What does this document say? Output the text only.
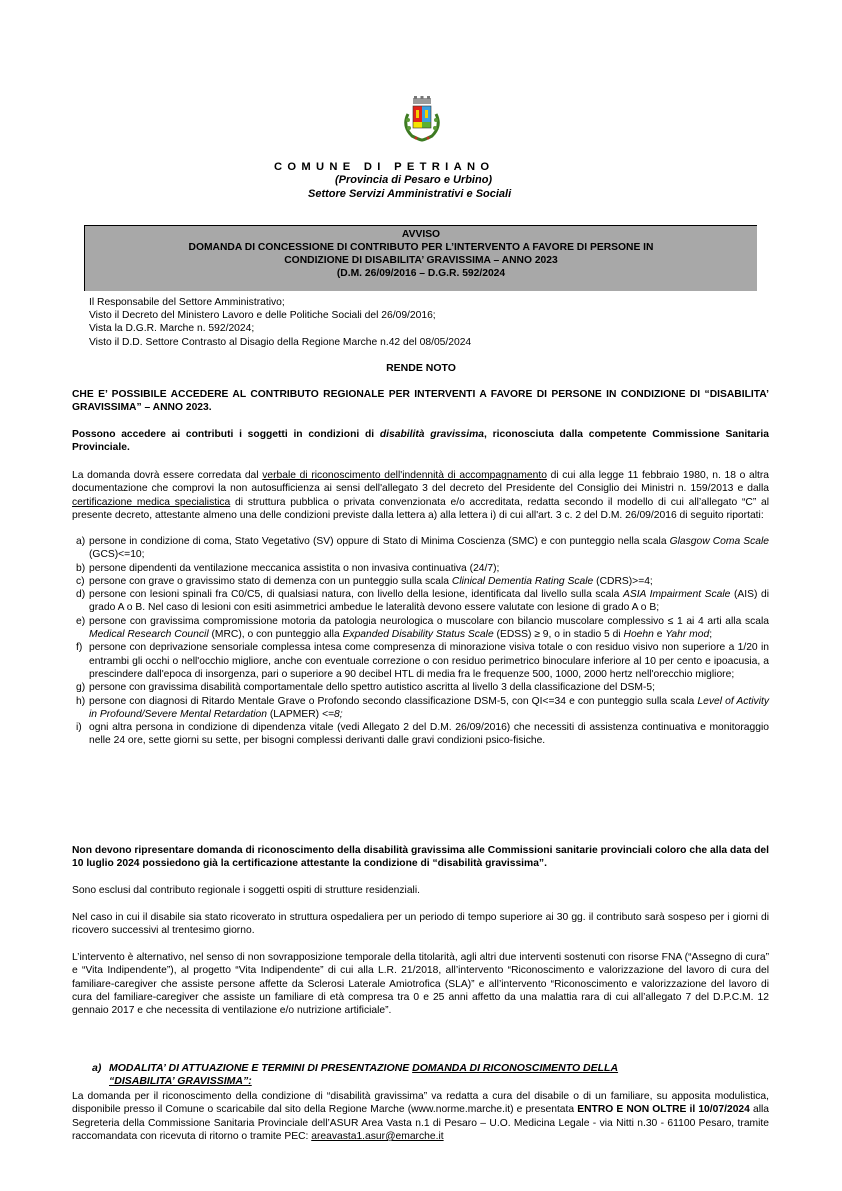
COMUNE DI PETRIANO
(Provincia di Pesaro e Urbino)
Settore Servizi Amministrativi e Sociali
AVVISO
DOMANDA DI CONCESSIONE DI CONTRIBUTO PER L’INTERVENTO A FAVORE DI PERSONE IN
CONDIZIONE DI DISABILITA’ GRAVISSIMA – ANNO 2023
(D.M. 26/09/2016 – D.G.R. 592/2024
Il Responsabile del Settore Amministrativo;
Visto il Decreto del Ministero Lavoro e delle Politiche Sociali del 26/09/2016;
Vista la D.G.R. Marche n. 592/2024;
Visto il D.D. Settore Contrasto al Disagio della Regione Marche n.42 del 08/05/2024
RENDE NOTO
CHE E’ POSSIBILE ACCEDERE AL CONTRIBUTO REGIONALE PER INTERVENTI A FAVORE DI PERSONE IN CONDIZIONE DI “DISABILITA’ GRAVISSIMA” – ANNO 2023.
Possono accedere ai contributi i soggetti in condizioni di disabilità gravissima, riconosciuta dalla competente Commissione Sanitaria Provinciale.
La domanda dovrà essere corredata dal verbale di riconoscimento dell'indennità di accompagnamento di cui alla legge 11 febbraio 1980, n. 18 o altra documentazione che comprovi la non autosufficienza ai sensi dell'allegato 3 del decreto del Presidente del Consiglio dei Ministri n. 159/2013 e dalla certificazione medica specialistica di struttura pubblica o privata convenzionata e/o accreditata, redatta secondo il modello di cui all’allegato “C” al presente decreto, attestante almeno una delle condizioni previste dalla lettera a) alla lettera i) di cui all'art. 3 c. 2 del D.M. 26/09/2016 di seguito riportati:
a) persone in condizione di coma, Stato Vegetativo (SV) oppure di Stato di Minima Coscienza (SMC) e con punteggio nella scala Glasgow Coma Scale (GCS)<=10;
b) persone dipendenti da ventilazione meccanica assistita o non invasiva continuativa (24/7);
c) persone con grave o gravissimo stato di demenza con un punteggio sulla scala Clinical Dementia Rating Scale (CDRS)>=4;
d) persone con lesioni spinali fra C0/C5, di qualsiasi natura, con livello della lesione, identificata dal livello sulla scala ASIA Impairment Scale (AIS) di grado A o B. Nel caso di lesioni con esiti asimmetrici ambedue le lateralità devono essere valutate con lesione di grado A o B;
e) persone con gravissima compromissione motoria da patologia neurologica o muscolare con bilancio muscolare complessivo ≤ 1 ai 4 arti alla scala Medical Research Council (MRC), o con punteggio alla Expanded Disability Status Scale (EDSS) ≥ 9, o in stadio 5 di Hoehn e Yahr mod;
f) persone con deprivazione sensoriale complessa intesa come compresenza di minorazione visiva totale o con residuo visivo non superiore a 1/20 in entrambi gli occhi o nell'occhio migliore, anche con eventuale correzione o con residuo perimetrico binoculare inferiore al 10 per cento e ipoacusia, a prescindere dall'epoca di insorgenza, pari o superiore a 90 decibel HTL di media fra le frequenze 500, 1000, 2000 hertz nell'orecchio migliore;
g) persone con gravissima disabilità comportamentale dello spettro autistico ascritta al livello 3 della classificazione del DSM-5;
h) persone con diagnosi di Ritardo Mentale Grave o Profondo secondo classificazione DSM-5, con QI<=34 e con punteggio sulla scala Level of Activity in Profound/Severe Mental Retardation (LAPMER) <=8;
i) ogni altra persona in condizione di dipendenza vitale (vedi Allegato 2 del D.M. 26/09/2016) che necessiti di assistenza continuativa e monitoraggio nelle 24 ore, sette giorni su sette, per bisogni complessi derivanti dalle gravi condizioni psico-fisiche.
Non devono ripresentare domanda di riconoscimento della disabilità gravissima alle Commissioni sanitarie provinciali coloro che alla data del 10 luglio 2024 possiedono già la certificazione attestante la condizione di “disabilità gravissima”.
Sono esclusi dal contributo regionale i soggetti ospiti di strutture residenziali.
Nel caso in cui il disabile sia stato ricoverato in struttura ospedaliera per un periodo di tempo superiore ai 30 gg. il contributo sarà sospeso per i giorni di ricovero successivi al trentesimo giorno.
L’intervento è alternativo, nel senso di non sovrapposizione temporale della titolarità, agli altri due interventi sostenuti con risorse FNA (“Assegno di cura” e “Vita Indipendente”), al progetto “Vita Indipendente” di cui alla L.R. 21/2018, all’intervento “Riconoscimento e valorizzazione del lavoro di cura del familiare-caregiver che assiste persone affette da Sclerosi Laterale Amiotrofica (SLA)” e all’intervento “Riconoscimento e valorizzazione del lavoro di cura del familiare-caregiver che assiste un familiare di età compresa tra 0 e 25 anni affetto da una malattia rara di cui all’allegato 7 del D.P.C.M. 12 gennaio 2017 e che necessita di ventilazione e/o nutrizione artificiale”.
a) MODALITA’ DI ATTUAZIONE E TERMINI DI PRESENTAZIONE DOMANDA DI RICONOSCIMENTO DELLA
“DISABILITA’ GRAVISSIMA”:
La domanda per il riconoscimento della condizione di “disabilità gravissima” va redatta a cura del disabile o di un familiare, su apposita modulistica, disponibile presso il Comune o scaricabile dal sito della Regione Marche (www.norme.marche.it) e presentata ENTRO E NON OLTRE il 10/07/2024 alla Segreteria della Commissione Sanitaria Provinciale dell’ASUR Area Vasta n.1 di Pesaro – U.O. Medicina Legale - via Nitti n.30 - 61100 Pesaro, tramite raccomandata con ricevuta di ritorno o tramite PEC: areavasta1.asur@emarche.it
